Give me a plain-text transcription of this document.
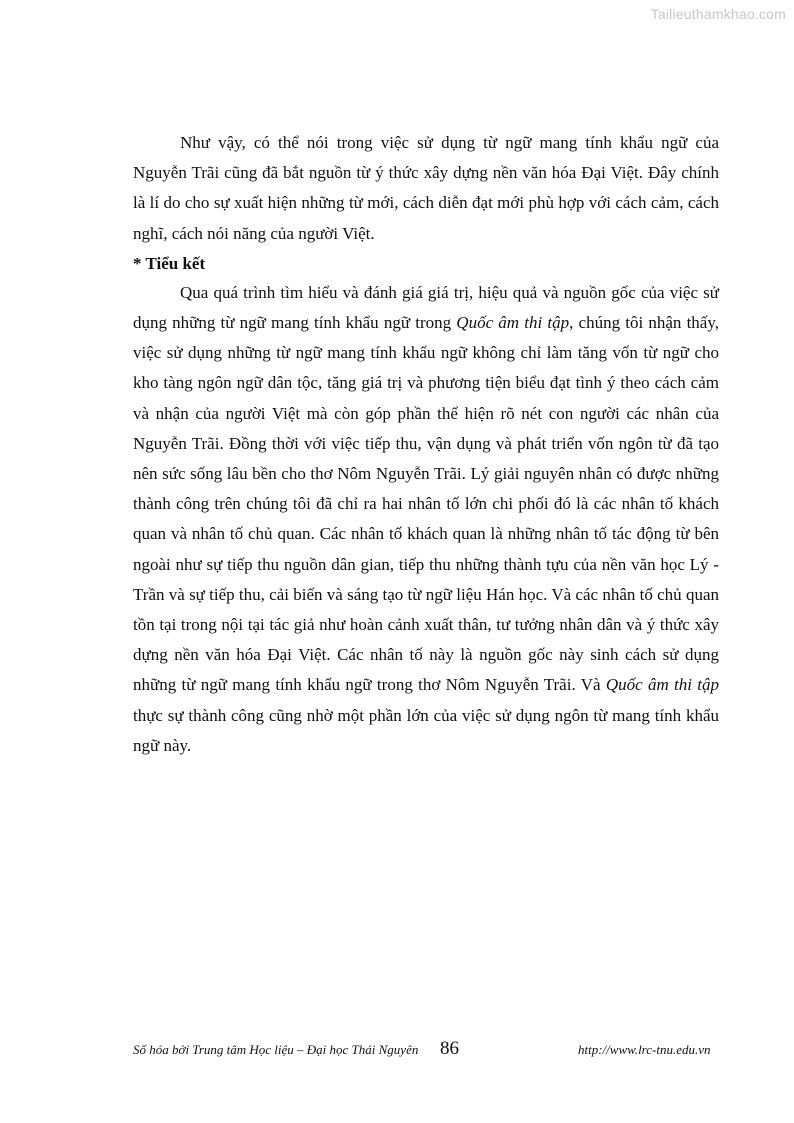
Tailieuthamkhao.com

Như vậy, có thể nói trong việc sử dụng từ ngữ mang tính khẩu ngữ của Nguyễn Trãi cũng đã bắt nguồn từ ý thức xây dựng nền văn hóa Đại Việt. Đây chính là lí do cho sự xuất hiện những từ mới, cách diễn đạt mới phù hợp với cách cảm, cách nghĩ, cách nói năng của người Việt.

* Tiểu kết

Qua quá trình tìm hiểu và đánh giá giá trị, hiệu quả và nguồn gốc của việc sử dụng những từ ngữ mang tính khẩu ngữ trong Quốc âm thi tập, chúng tôi nhận thấy, việc sử dụng những từ ngữ mang tính khẩu ngữ không chỉ làm tăng vốn từ ngữ cho kho tàng ngôn ngữ dân tộc, tăng giá trị và phương tiện biểu đạt tình ý theo cách cảm và nhận của người Việt mà còn góp phần thể hiện rõ nét con người các nhân của Nguyễn Trãi. Đồng thời với việc tiếp thu, vận dụng và phát triển vốn ngôn từ đã tạo nên sức sống lâu bền cho thơ Nôm Nguyễn Trãi. Lý giải nguyên nhân có được những thành công trên chúng tôi đã chỉ ra hai nhân tố lớn chi phối đó là các nhân tố khách quan và nhân tố chủ quan. Các nhân tố khách quan là những nhân tố tác động từ bên ngoài như sự tiếp thu nguồn dân gian, tiếp thu những thành tựu của nền văn học Lý - Trần và sự tiếp thu, cải biến và sáng tạo từ ngữ liệu Hán học. Và các nhân tố chủ quan tồn tại trong nội tại tác giả như hoàn cảnh xuất thân, tư tưởng nhân dân và ý thức xây dựng nền văn hóa Đại Việt. Các nhân tố này là nguồn gốc này sinh cách sử dụng những từ ngữ mang tính khẩu ngữ trong thơ Nôm Nguyễn Trãi. Và Quốc âm thi tập thực sự thành công cũng nhờ một phần lớn của việc sử dụng ngôn từ mang tính khẩu ngữ này.

Số hóa bởi Trung tâm Học liệu – Đại học Thái Nguyên 86	http://www.lrc-tnu.edu.vn
